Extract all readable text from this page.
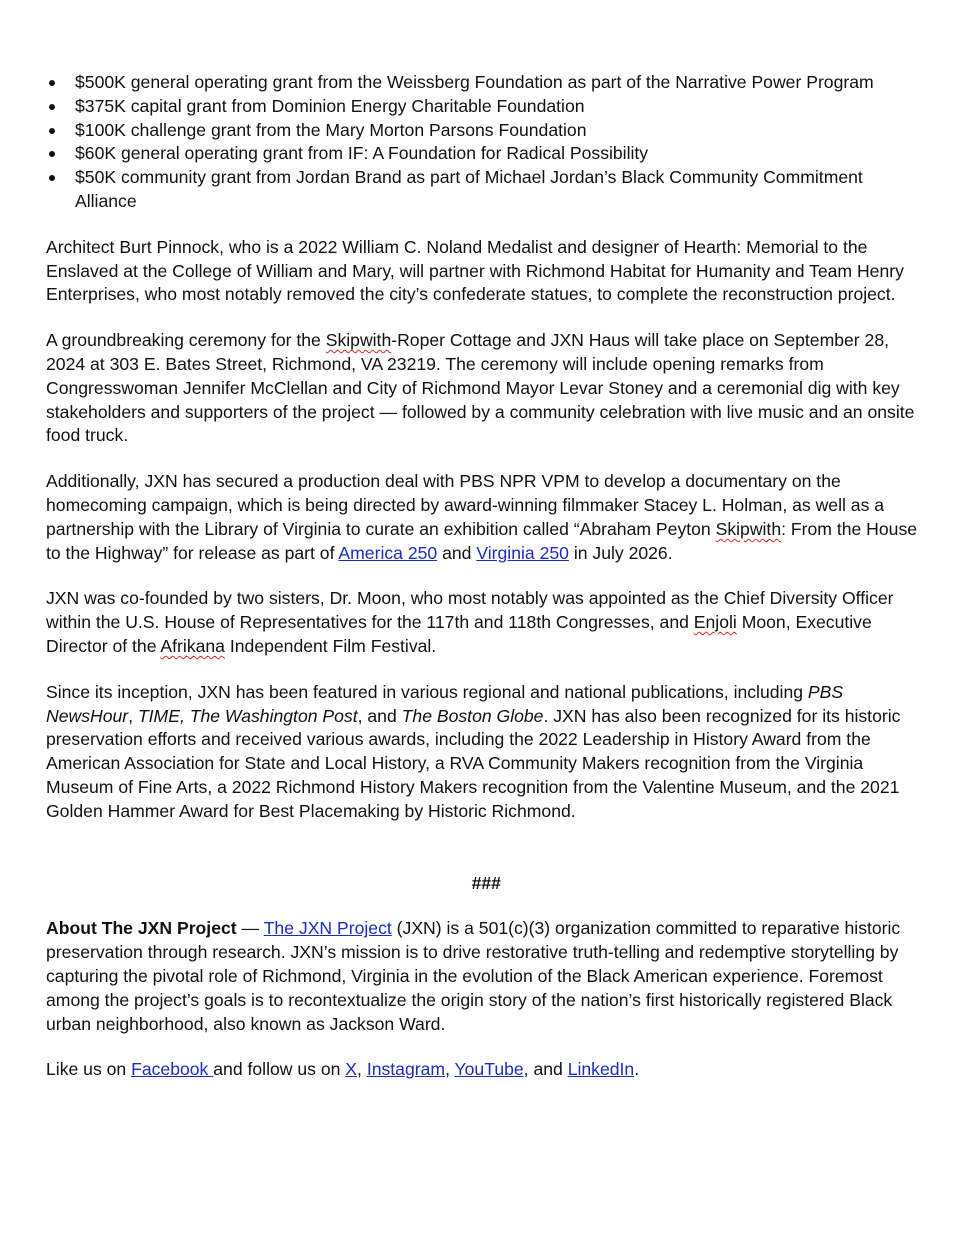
$500K general operating grant from the Weissberg Foundation as part of the Narrative Power Program
$375K capital grant from Dominion Energy Charitable Foundation
$100K challenge grant from the Mary Morton Parsons Foundation
$60K general operating grant from IF: A Foundation for Radical Possibility
$50K community grant from Jordan Brand as part of Michael Jordan’s Black Community Commitment Alliance

Architect Burt Pinnock, who is a 2022 William C. Noland Medalist and designer of Hearth: Memorial to the Enslaved at the College of William and Mary, will partner with Richmond Habitat for Humanity and Team Henry Enterprises, who most notably removed the city’s confederate statues, to complete the reconstruction project.

A groundbreaking ceremony for the Skipwith-Roper Cottage and JXN Haus will take place on September 28, 2024 at 303 E. Bates Street, Richmond, VA 23219. The ceremony will include opening remarks from Congresswoman Jennifer McClellan and City of Richmond Mayor Levar Stoney and a ceremonial dig with key stakeholders and supporters of the project — followed by a community celebration with live music and an onsite food truck.

Additionally, JXN has secured a production deal with PBS NPR VPM to develop a documentary on the homecoming campaign, which is being directed by award-winning filmmaker Stacey L. Holman, as well as a partnership with the Library of Virginia to curate an exhibition called “Abraham Peyton Skipwith: From the House to the Highway” for release as part of America 250 and Virginia 250 in July 2026.

JXN was co-founded by two sisters, Dr. Moon, who most notably was appointed as the Chief Diversity Officer within the U.S. House of Representatives for the 117th and 118th Congresses, and Enjoli Moon, Executive Director of the Afrikana Independent Film Festival.

Since its inception, JXN has been featured in various regional and national publications, including PBS NewsHour, TIME, The Washington Post, and The Boston Globe. JXN has also been recognized for its historic preservation efforts and received various awards, including the 2022 Leadership in History Award from the American Association for State and Local History, a RVA Community Makers recognition from the Virginia Museum of Fine Arts, a 2022 Richmond History Makers recognition from the Valentine Museum, and the 2021 Golden Hammer Award for Best Placemaking by Historic Richmond.

###

About The JXN Project — The JXN Project (JXN) is a 501(c)(3) organization committed to reparative historic preservation through research. JXN’s mission is to drive restorative truth-telling and redemptive storytelling by capturing the pivotal role of Richmond, Virginia in the evolution of the Black American experience. Foremost among the project’s goals is to recontextualize the origin story of the nation’s first historically registered Black urban neighborhood, also known as Jackson Ward.

Like us on Facebook and follow us on X, Instagram, YouTube, and LinkedIn.
